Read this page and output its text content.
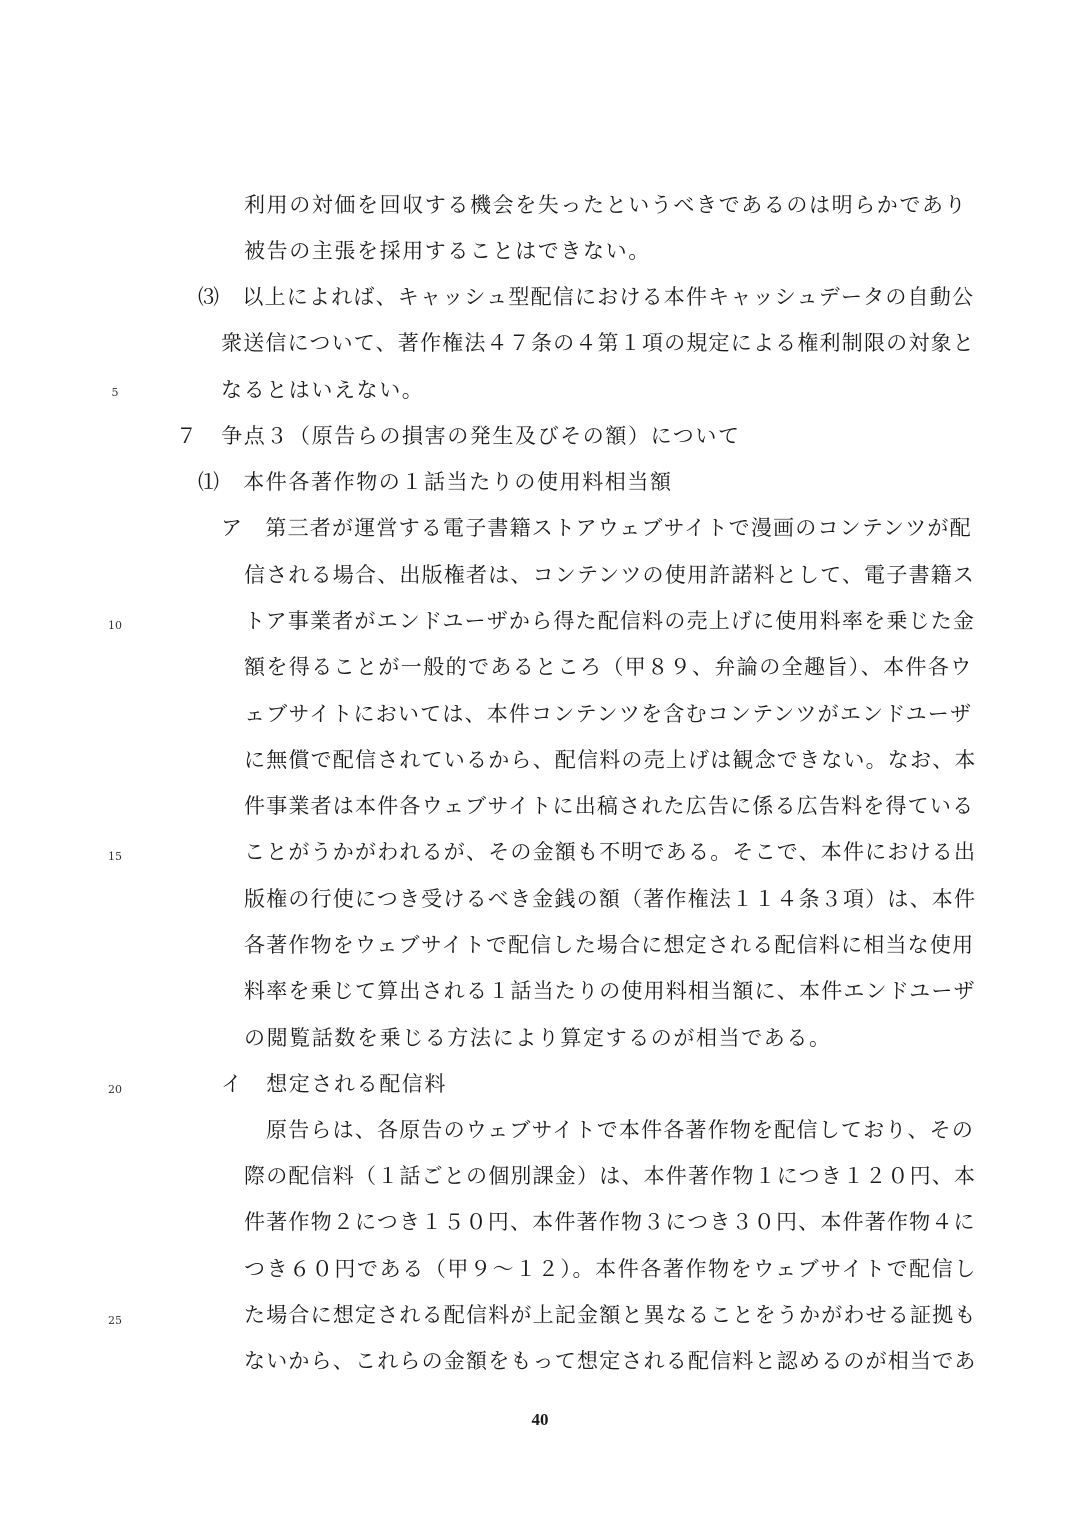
5
10
15
20
25
利用の対価を回収する機会を失ったというべきであるのは明らかであり
被告の主張を採用することはできない。
⑶　以上によれば、キャッシュ型配信における本件キャッシュデータの自動公
衆送信について、著作権法４７条の４第１項の規定による権利制限の対象と
なるとはいえない。
７　争点３（原告らの損害の発生及びその額）について
⑴　本件各著作物の１話当たりの使用料相当額
ア　第三者が運営する電子書籍ストアウェブサイトで漫画のコンテンツが配
信される場合、出版権者は、コンテンツの使用許諾料として、電子書籍ス
トア事業者がエンドユーザから得た配信料の売上げに使用料率を乗じた金
額を得ることが一般的であるところ（甲８９、弁論の全趣旨）、本件各ウ
ェブサイトにおいては、本件コンテンツを含むコンテンツがエンドユーザ
に無償で配信されているから、配信料の売上げは観念できない。なお、本
件事業者は本件各ウェブサイトに出稿された広告に係る広告料を得ている
ことがうかがわれるが、その金額も不明である。そこで、本件における出
版権の行使につき受けるべき金銭の額（著作権法１１４条３項）は、本件
各著作物をウェブサイトで配信した場合に想定される配信料に相当な使用
料率を乗じて算出される１話当たりの使用料相当額に、本件エンドユーザ
の閲覧話数を乗じる方法により算定するのが相当である。
イ　想定される配信料
原告らは、各原告のウェブサイトで本件各著作物を配信しており、その
際の配信料（１話ごとの個別課金）は、本件著作物１につき１２０円、本
件著作物２につき１５０円、本件著作物３につき３０円、本件著作物４に
つき６０円である（甲９～１２）。本件各著作物をウェブサイトで配信し
た場合に想定される配信料が上記金額と異なることをうかがわせる証拠も
ないから、これらの金額をもって想定される配信料と認めるのが相当であ
40
